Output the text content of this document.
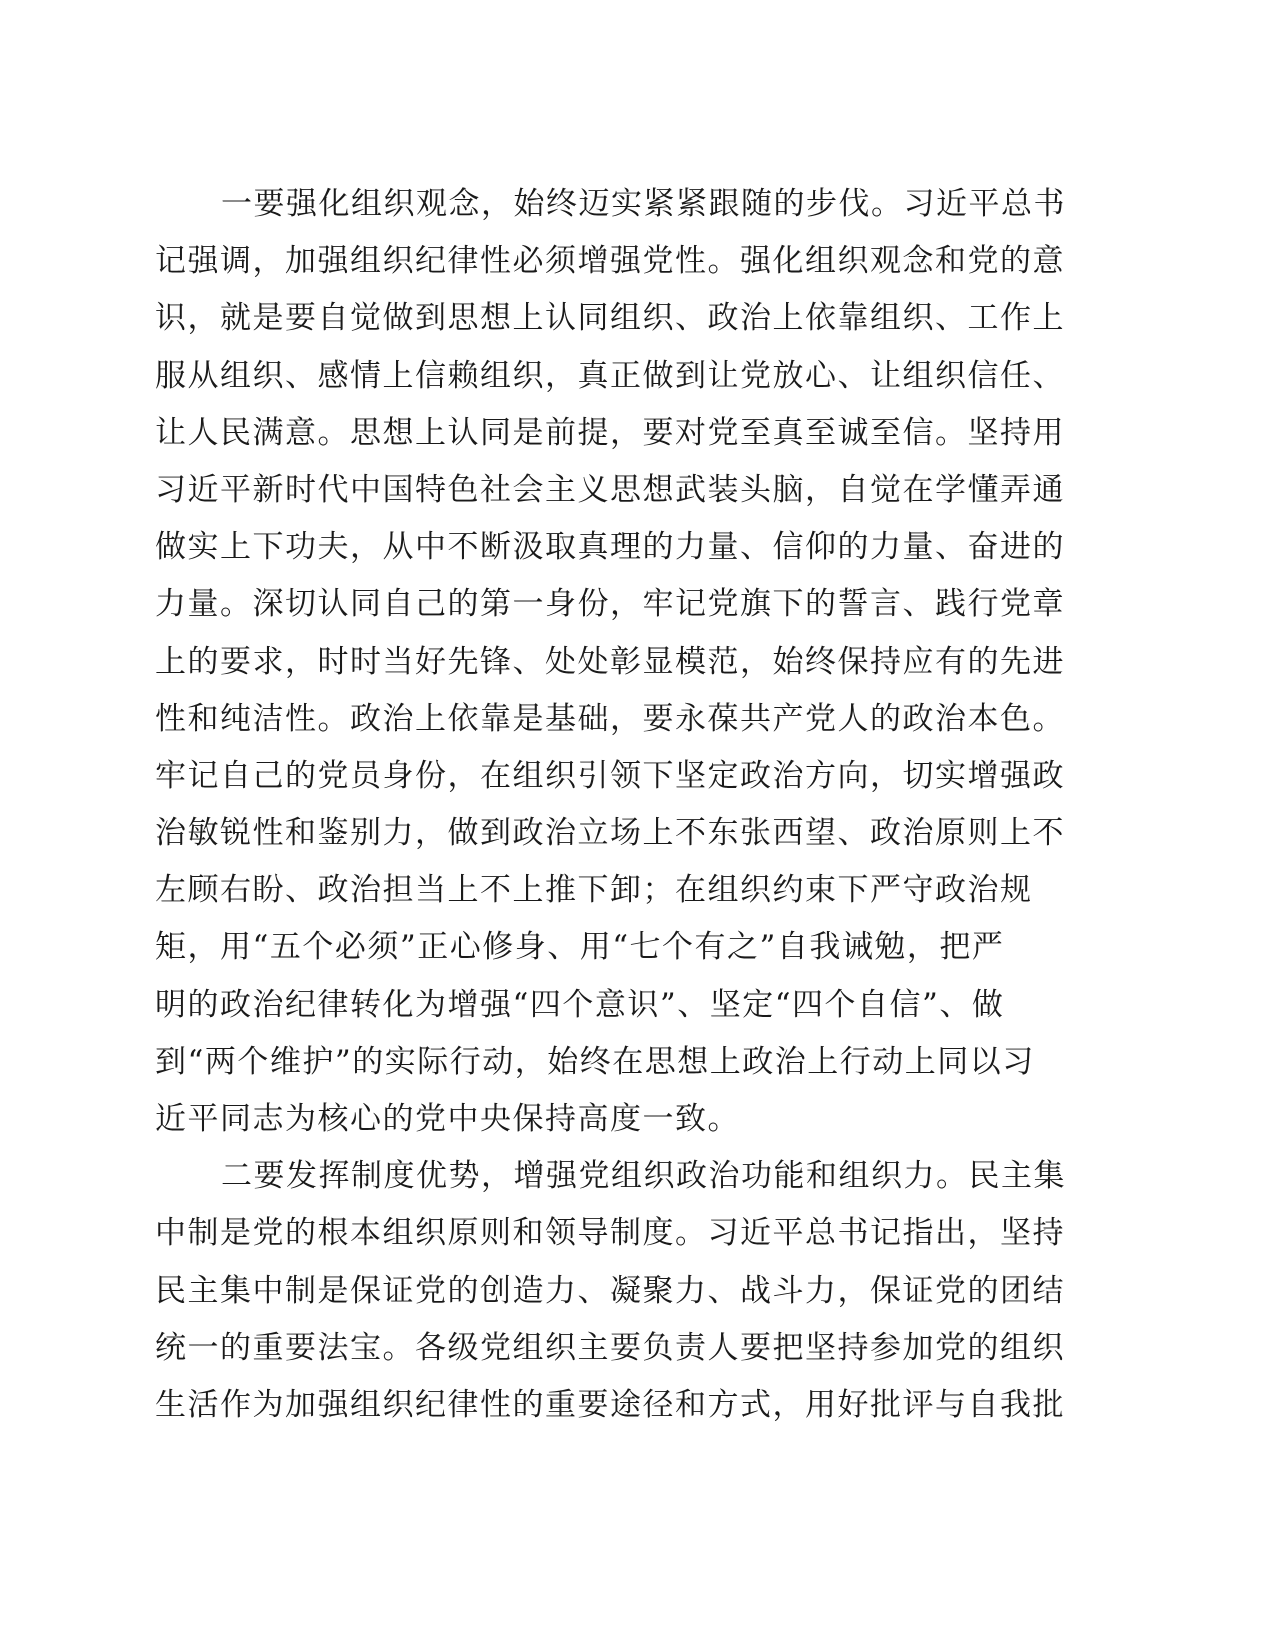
一要强化组织观念，始终迈实紧紧跟随的步伐。习近平总书
记强调，加强组织纪律性必须增强党性。强化组织观念和党的意
识，就是要自觉做到思想上认同组织、政治上依靠组织、工作上
服从组织、感情上信赖组织，真正做到让党放心、让组织信任、
让人民满意。思想上认同是前提，要对党至真至诚至信。坚持用
习近平新时代中国特色社会主义思想武装头脑，自觉在学懂弄通
做实上下功夫，从中不断汲取真理的力量、信仰的力量、奋进的
力量。深切认同自己的第一身份，牢记党旗下的誓言、践行党章
上的要求，时时当好先锋、处处彰显模范，始终保持应有的先进
性和纯洁性。政治上依靠是基础，要永葆共产党人的政治本色。
牢记自己的党员身份，在组织引领下坚定政治方向，切实增强政
治敏锐性和鉴别力，做到政治立场上不东张西望、政治原则上不
左顾右盼、政治担当上不上推下卸；在组织约束下严守政治规
矩，用“五个必须”正心修身、用“七个有之”自我诫勉，把严
明的政治纪律转化为增强“四个意识”、坚定“四个自信”、做
到“两个维护”的实际行动，始终在思想上政治上行动上同以习
近平同志为核心的党中央保持高度一致。
二要发挥制度优势，增强党组织政治功能和组织力。民主集
中制是党的根本组织原则和领导制度。习近平总书记指出，坚持
民主集中制是保证党的创造力、凝聚力、战斗力，保证党的团结
统一的重要法宝。各级党组织主要负责人要把坚持参加党的组织
生活作为加强组织纪律性的重要途径和方式，用好批评与自我批
